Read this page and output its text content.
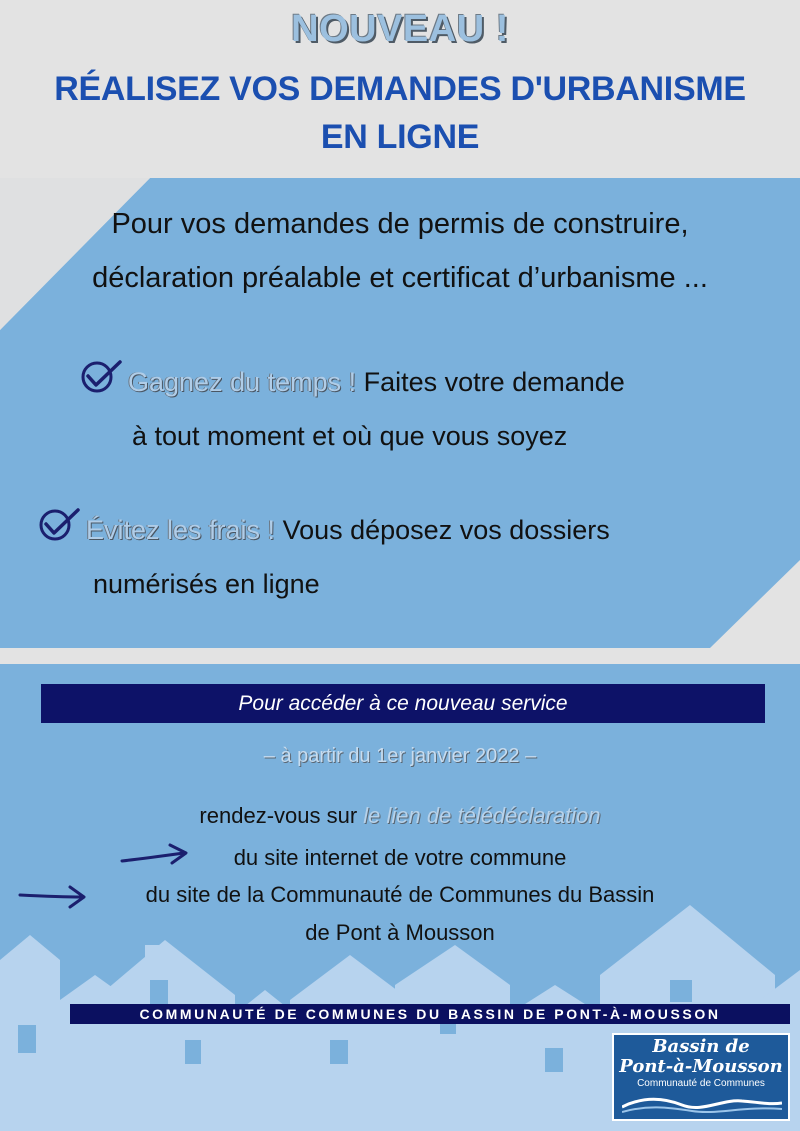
NOUVEAU !
RÉALISEZ VOS DEMANDES D'URBANISME
EN LIGNE
Pour vos demandes de permis de construire,
déclaration préalable et certificat d’urbanisme ...
Gagnez du temps ! Faites votre demande
à tout moment et où que vous soyez
Évitez les frais ! Vous déposez vos dossiers
numérisés en ligne
Pour accéder à ce nouveau service
– à partir du 1er janvier 2022 –
rendez-vous sur le lien de télédéclaration
du site internet de votre commune
du site de la Communauté de Communes du Bassin
de Pont à Mousson
COMMUNAUTÉ DE COMMUNES DU BASSIN DE PONT-À-MOUSSON
Bassin de
Pont-à-Mousson
Communauté de Communes
